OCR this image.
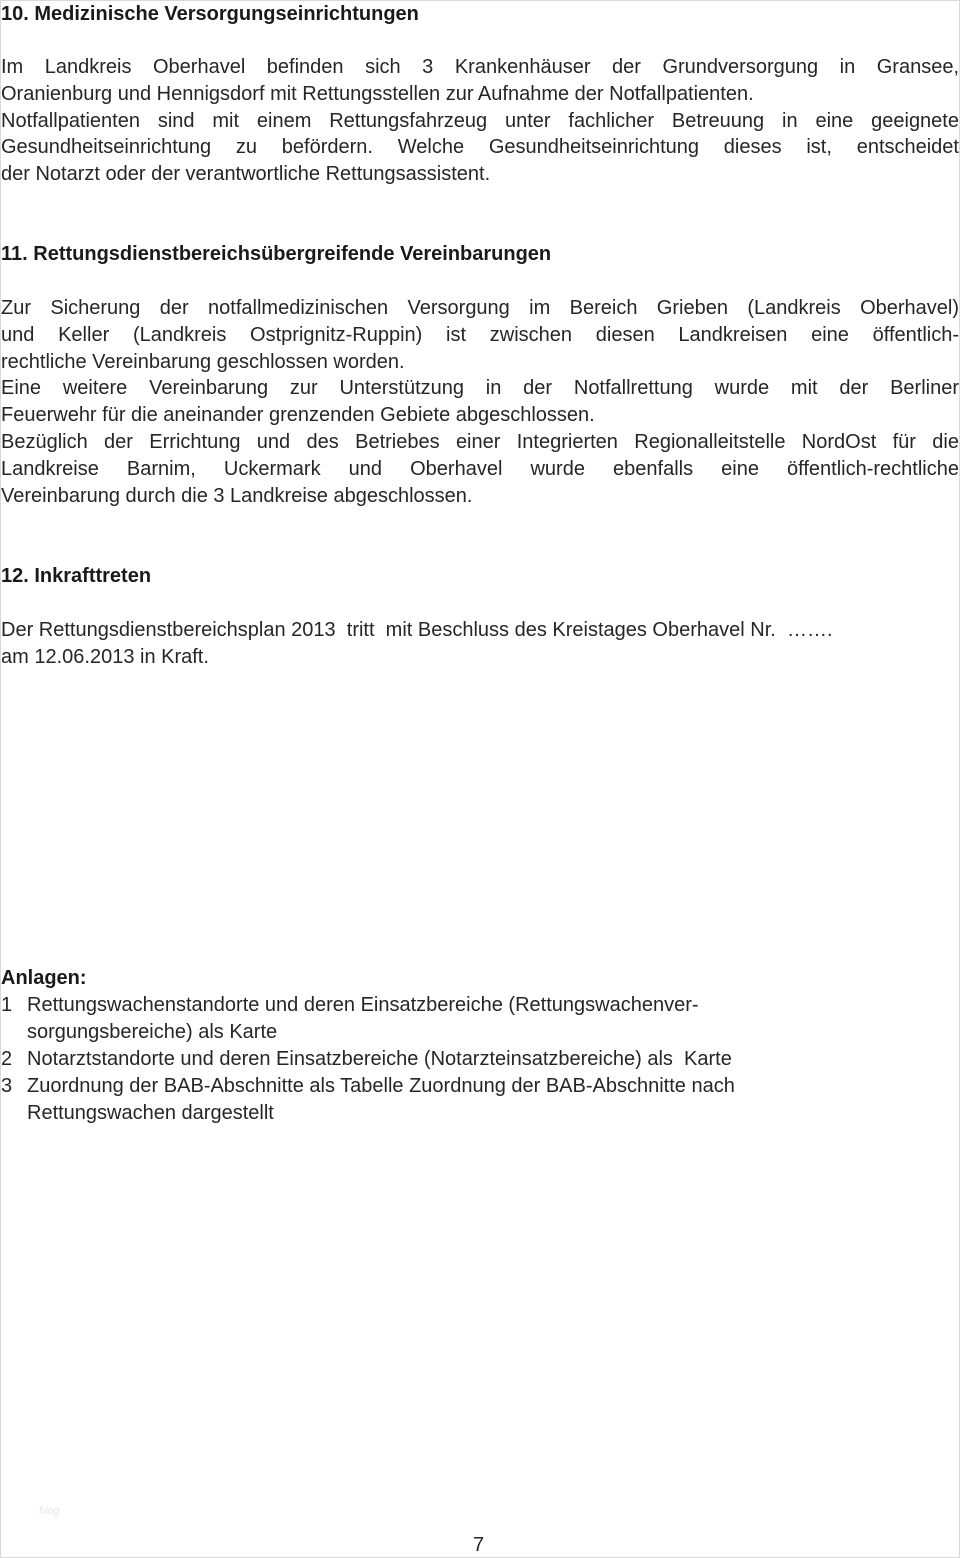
10. Medizinische Versorgungseinrichtungen
Im Landkreis Oberhavel befinden sich 3 Krankenhäuser der Grundversorgung in Gransee,
Oranienburg und Hennigsdorf mit Rettungsstellen zur Aufnahme der Notfallpatienten.
Notfallpatienten sind mit einem Rettungsfahrzeug unter fachlicher Betreuung in eine geeignete
Gesundheitseinrichtung zu befördern. Welche Gesundheitseinrichtung dieses ist, entscheidet
der Notarzt oder der verantwortliche Rettungsassistent.
11. Rettungsdienstbereichsübergreifende Vereinbarungen
Zur Sicherung der notfallmedizinischen Versorgung im Bereich Grieben (Landkreis Oberhavel)
und Keller (Landkreis Ostprignitz-Ruppin) ist zwischen diesen Landkreisen eine öffentlich-
rechtliche Vereinbarung geschlossen worden.
Eine weitere Vereinbarung zur Unterstützung in der Notfallrettung wurde mit der Berliner
Feuerwehr für die aneinander grenzenden Gebiete abgeschlossen.
Bezüglich der Errichtung und des Betriebes einer Integrierten Regionalleitstelle NordOst für die
Landkreise Barnim, Uckermark und Oberhavel wurde ebenfalls eine öffentlich-rechtliche
Vereinbarung durch die 3 Landkreise abgeschlossen.
12. Inkrafttreten
Der Rettungsdienstbereichsplan 2013  tritt  mit Beschluss des Kreistages Oberhavel Nr.  …….
am 12.06.2013 in Kraft.
Anlagen:
1 Rettungswachenstandorte und deren Einsatzbereiche (Rettungswachenver-
sorgungsbereiche) als Karte
2 Notarztstandorte und deren Einsatzbereiche (Notarzteinsatzbereiche) als  Karte
3 Zuordnung der BAB-Abschnitte als Tabelle Zuordnung der BAB-Abschnitte nach
Rettungswachen dargestellt
blog
7
